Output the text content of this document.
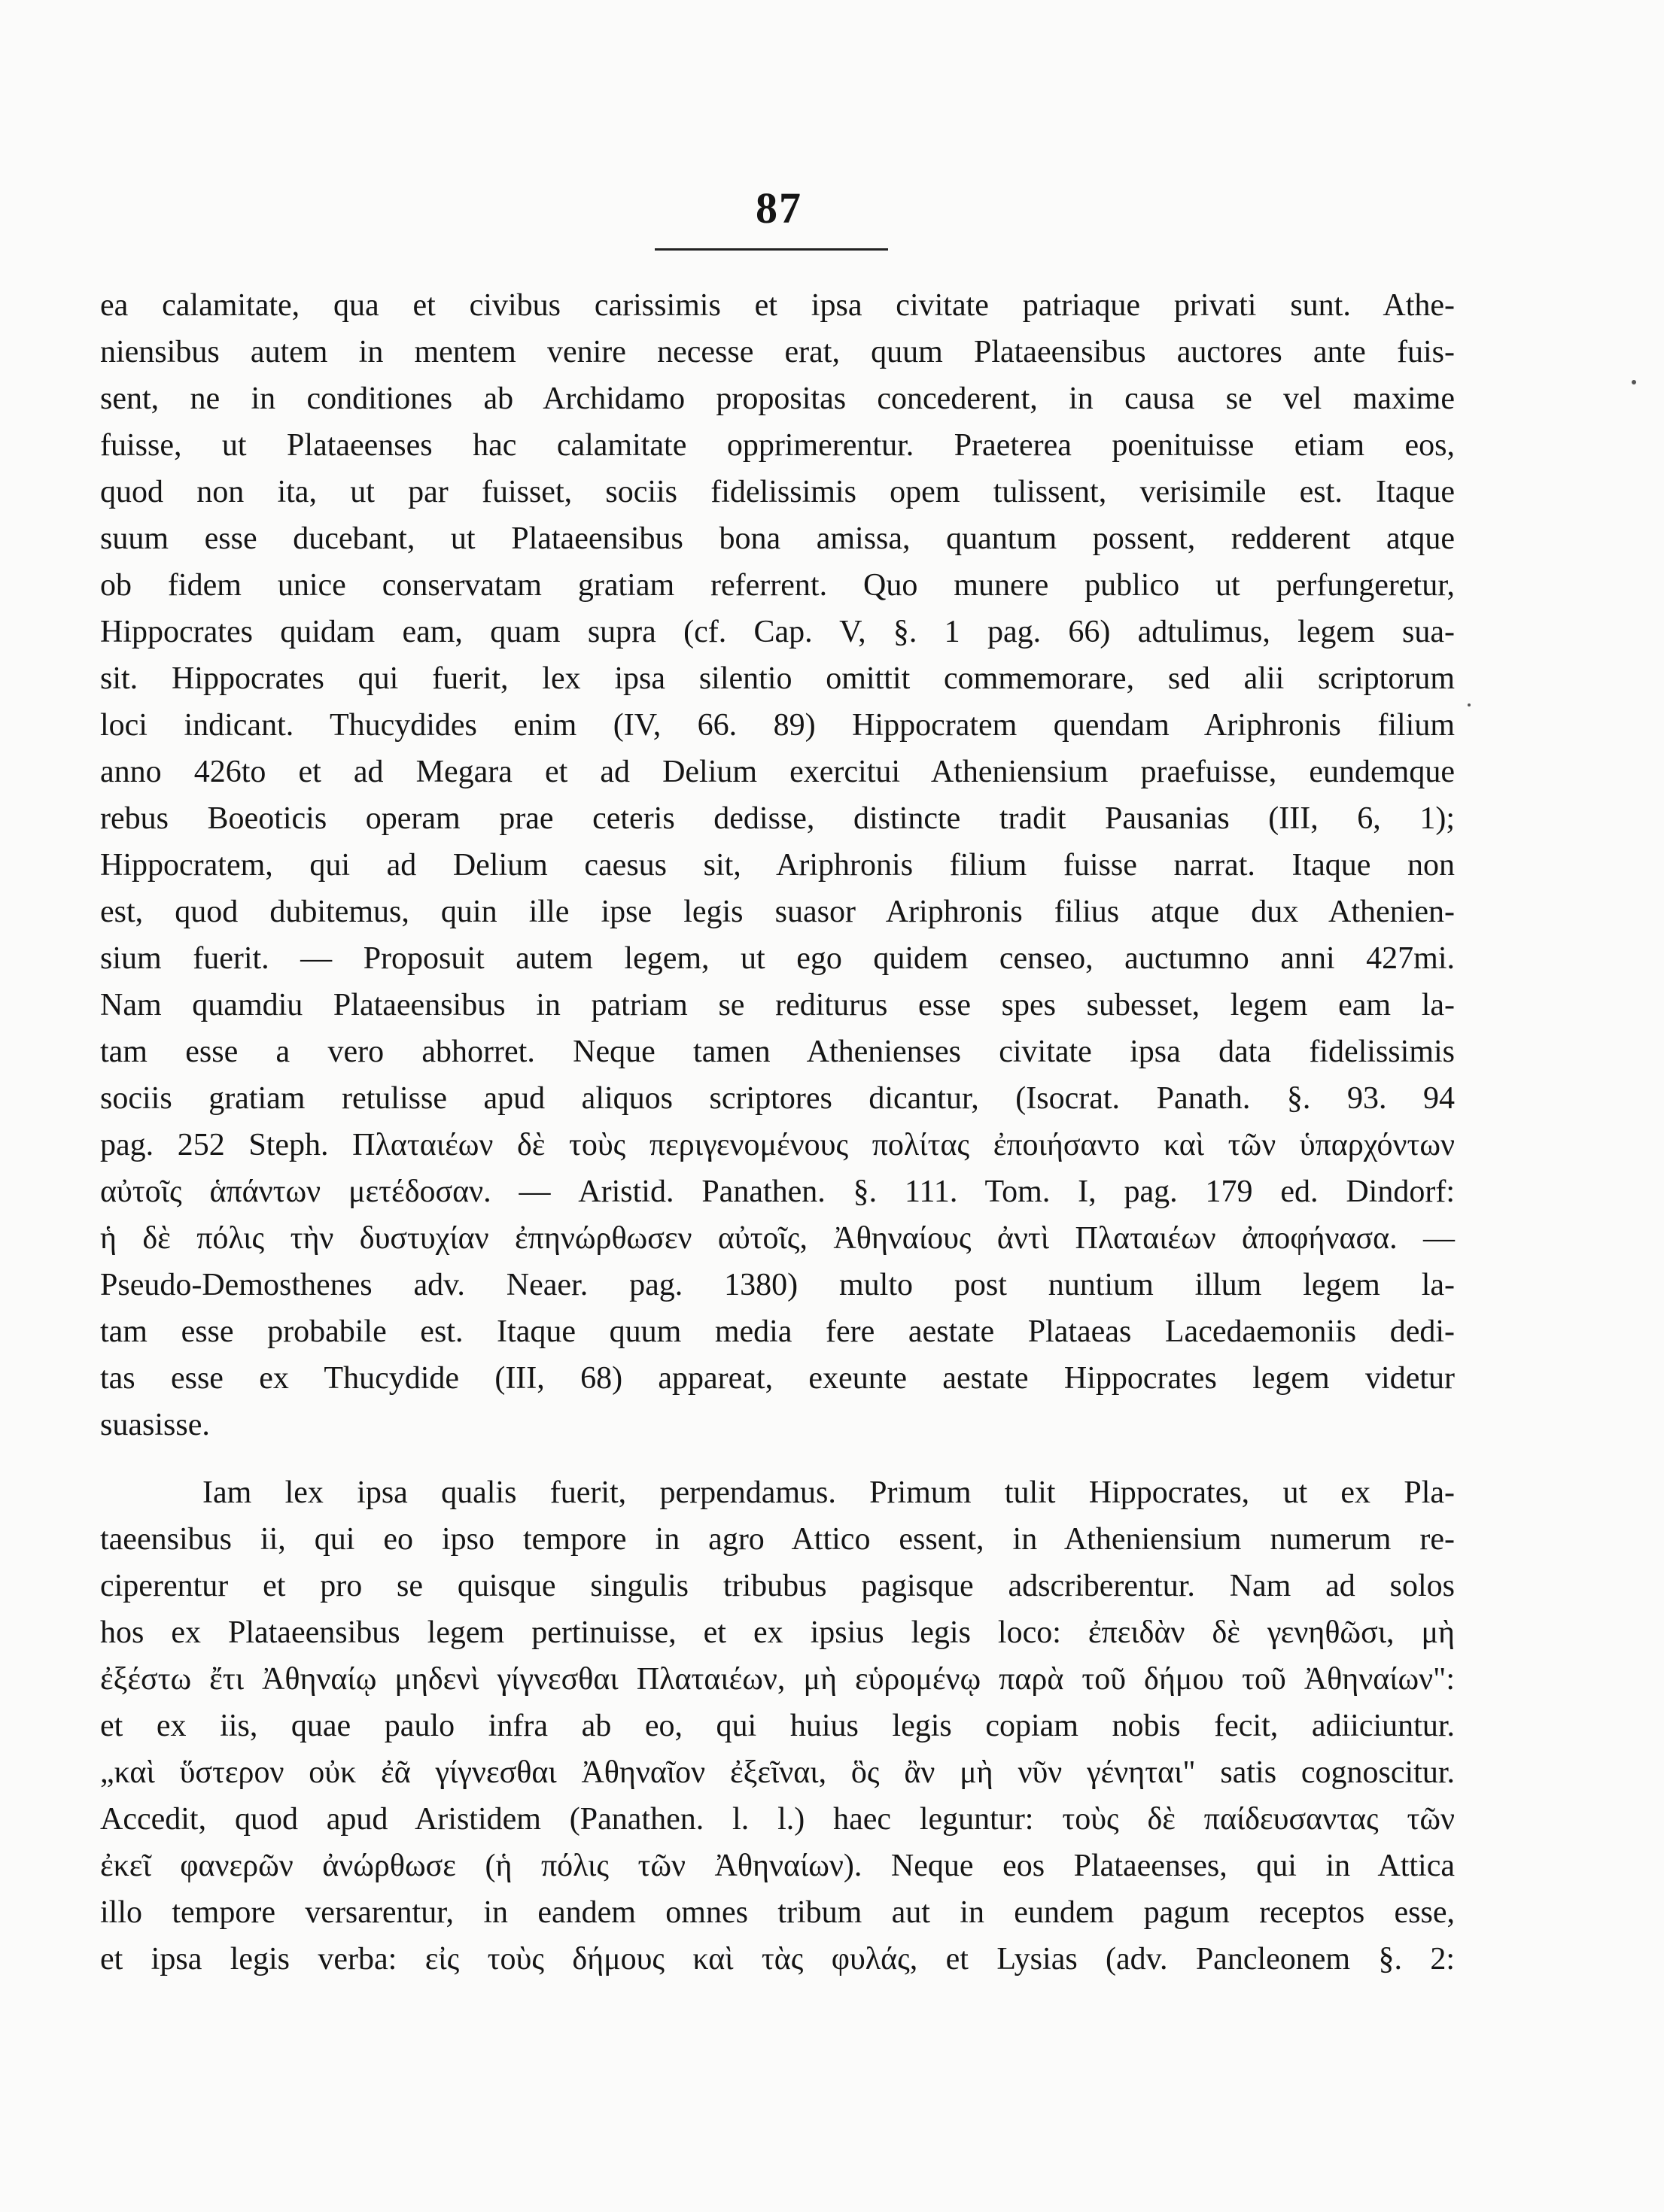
87
ea calamitate, qua et civibus carissimis et ipsa civitate patriaque privati sunt. Athe-
niensibus autem in mentem venire necesse erat, quum Plataeensibus auctores ante fuis-
sent, ne in conditiones ab Archidamo propositas concederent, in causa se vel maxime
fuisse, ut Plataeenses hac calamitate opprimerentur. Praeterea poenituisse etiam eos,
quod non ita, ut par fuisset, sociis fidelissimis opem tulissent, verisimile est. Itaque
suum esse ducebant, ut Plataeensibus bona amissa, quantum possent, redderent atque
ob fidem unice conservatam gratiam referrent. Quo munere publico ut perfungeretur,
Hippocrates quidam eam, quam supra (cf. Cap. V, §. 1 pag. 66) adtulimus, legem sua-
sit. Hippocrates qui fuerit, lex ipsa silentio omittit commemorare, sed alii scriptorum
loci indicant. Thucydides enim (IV, 66. 89) Hippocratem quendam Ariphronis filium
anno 426to et ad Megara et ad Delium exercitui Atheniensium praefuisse, eundemque
rebus Boeoticis operam prae ceteris dedisse, distincte tradit Pausanias (III, 6, 1);
Hippocratem, qui ad Delium caesus sit, Ariphronis filium fuisse narrat. Itaque non
est, quod dubitemus, quin ille ipse legis suasor Ariphronis filius atque dux Athenien-
sium fuerit. — Proposuit autem legem, ut ego quidem censeo, auctumno anni 427mi.
Nam quamdiu Plataeensibus in patriam se rediturus esse spes subesset, legem eam la-
tam esse a vero abhorret. Neque tamen Athenienses civitate ipsa data fidelissimis
sociis gratiam retulisse apud aliquos scriptores dicantur, (Isocrat. Panath. §. 93. 94
pag. 252 Steph. Πλαταιέων δὲ τοὺς περιγενομένους πολίτας ἐποιήσαντο καὶ τῶν ὑπαρχόντων
αὐτοῖς ἁπάντων μετέδοσαν. — Aristid. Panathen. §. 111. Tom. I, pag. 179 ed. Dindorf:
ἡ δὲ πόλις τὴν δυστυχίαν ἐπηνώρθωσεν αὐτοῖς, Ἀθηναίους ἀντὶ Πλαταιέων ἀποφήνασα. —
Pseudo-Demosthenes adv. Neaer. pag. 1380) multo post nuntium illum legem la-
tam esse probabile est. Itaque quum media fere aestate Plataeas Lacedaemoniis dedi-
tas esse ex Thucydide (III, 68) appareat, exeunte aestate Hippocrates legem videtur
suasisse.
Iam lex ipsa qualis fuerit, perpendamus. Primum tulit Hippocrates, ut ex Pla-
taeensibus ii, qui eo ipso tempore in agro Attico essent, in Atheniensium numerum re-
ciperentur et pro se quisque singulis tribubus pagisque adscriberentur. Nam ad solos
hos ex Plataeensibus legem pertinuisse, et ex ipsius legis loco: ἐπειδὰν δὲ γενηθῶσι, μὴ
ἐξέστω ἔτι Ἀθηναίῳ μηδενὶ γίγνεσθαι Πλαταιέων, μὴ εὑρομένῳ παρὰ τοῦ δήμου τοῦ Ἀθηναίων":
et ex iis, quae paulo infra ab eo, qui huius legis copiam nobis fecit, adiiciuntur.
„καὶ ὕστερον οὐκ ἐᾶ γίγνεσθαι Ἀθηναῖον ἐξεῖναι, ὃς ἂν μὴ νῦν γένηται" satis cognoscitur.
Accedit, quod apud Aristidem (Panathen. l. l.) haec leguntur: τοὺς δὲ παίδευσαντας τῶν
ἐκεῖ φανερῶν ἀνώρθωσε (ἡ πόλις τῶν Ἀθηναίων). Neque eos Plataeenses, qui in Attica
illo tempore versarentur, in eandem omnes tribum aut in eundem pagum receptos esse,
et ipsa legis verba: εἰς τοὺς δήμους καὶ τὰς φυλάς, et Lysias (adv. Pancleonem §. 2:
